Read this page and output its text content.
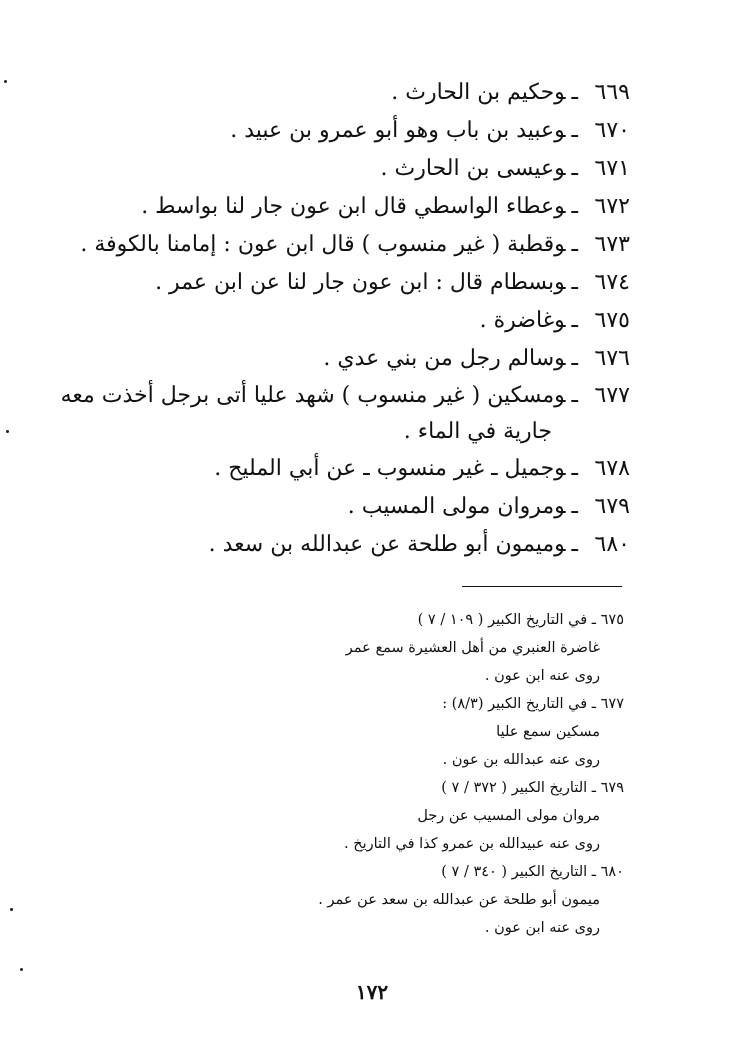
٦٦٩ـوحكيم بن الحارث .
٦٧٠ـوعبيد بن باب وهو أبو عمرو بن عبيد .
٦٧١ـوعيسى بن الحارث .
٦٧٢ـوعطاء الواسطي قال ابن عون جار لنا بواسط .
٦٧٣ـوقطبة ( غير منسوب ) قال ابن عون : إمامنا بالكوفة .
٦٧٤ـوبسطام قال : ابن عون جار لنا عن ابن عمر .
٦٧٥ـوغاضرة .
٦٧٦ـوسالم رجل من بني عدي .
٦٧٧ـومسكين ( غير منسوب ) شهد عليا أتى برجل أخذت معه
جارية في الماء .
٦٧٨ـوجميل ـ غير منسوب ـ عن أبي المليح .
٦٧٩ـومروان مولى المسيب .
٦٨٠ـوميمون أبو طلحة عن عبدالله بن سعد .
٦٧٥ ـ في التاريخ الكبير ( ١٠٩ / ٧ )
غاضرة العنبري من أهل العشيرة سمع عمر
روى عنه ابن عون .
٦٧٧ ـ في التاريخ الكبير (٨/٣) :
مسكين سمع عليا
روى عنه عبدالله بن عون .
٦٧٩ ـ التاريخ الكبير ( ٣٧٢ / ٧ )
مروان مولى المسيب عن رجل
روى عنه عبيدالله بن عمرو كذا في التاريخ .
٦٨٠ ـ التاريخ الكبير ( ٣٤٠ / ٧ )
ميمون أبو طلحة عن عبدالله بن سعد عن عمر .
روى عنه ابن عون .
١٧٢
